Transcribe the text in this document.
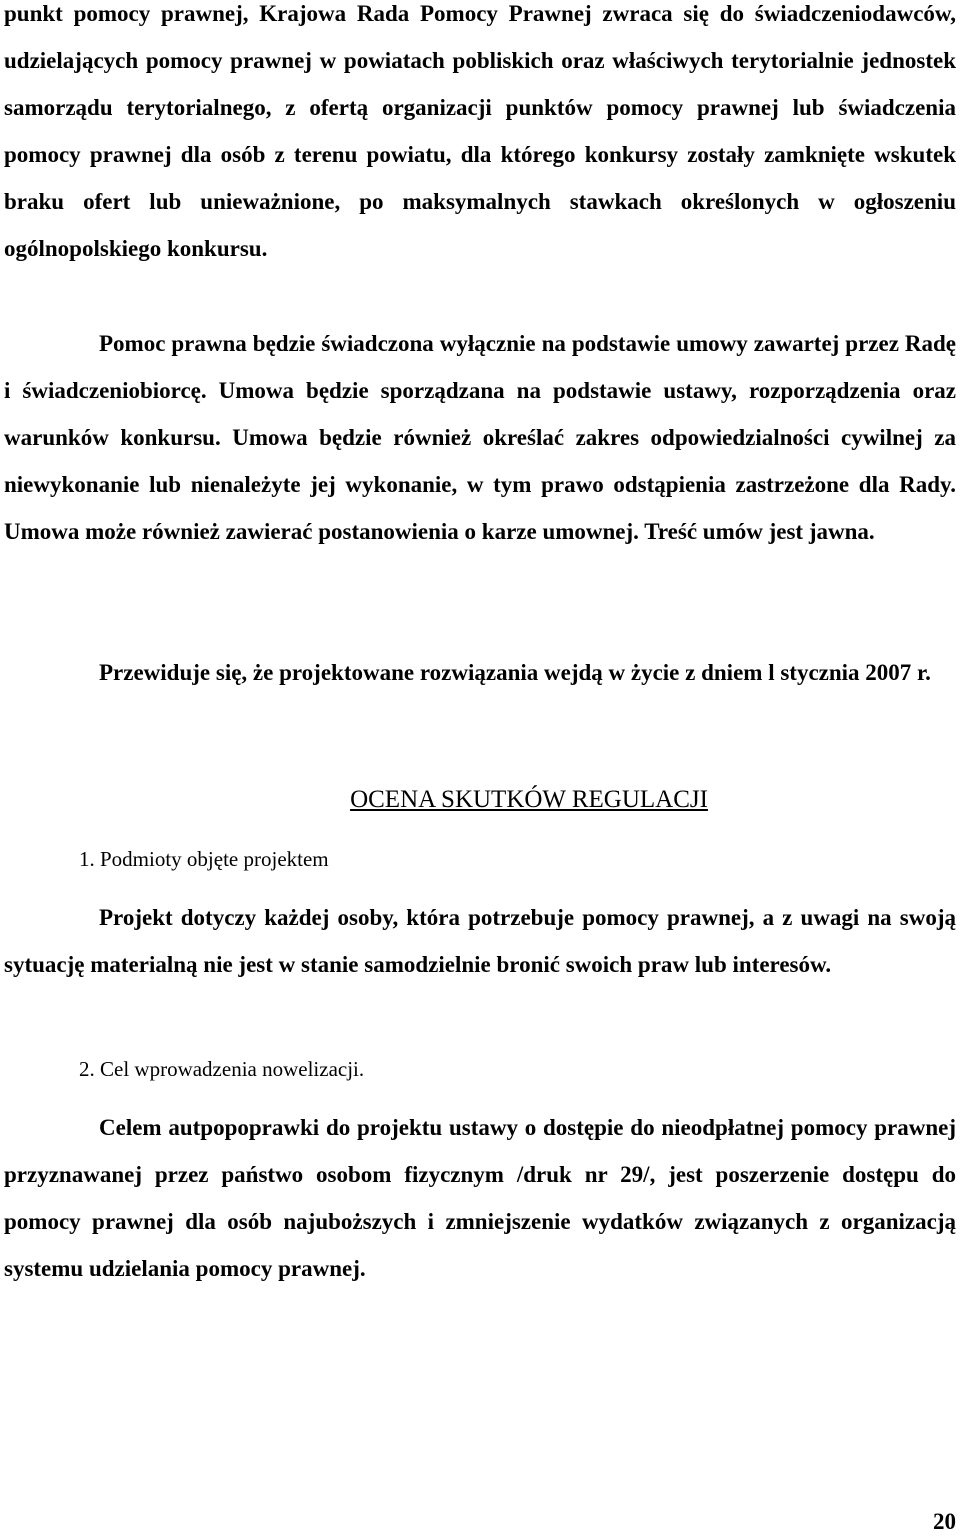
punkt pomocy prawnej, Krajowa Rada Pomocy Prawnej zwraca się do świadczeniodawców, udzielających pomocy prawnej w powiatach pobliskich oraz właściwych terytorialnie jednostek samorządu terytorialnego, z ofertą organizacji punktów pomocy prawnej lub świadczenia pomocy prawnej dla osób z terenu powiatu, dla którego konkursy zostały zamknięte wskutek braku ofert lub unieważnione, po maksymalnych stawkach określonych w ogłoszeniu ogólnopolskiego konkursu.

Pomoc prawna będzie świadczona wyłącznie na podstawie umowy zawartej przez Radę i świadczeniobiorcę. Umowa będzie sporządzana na podstawie ustawy, rozporządzenia oraz warunków konkursu. Umowa będzie również określać zakres odpowiedzialności cywilnej za niewykonanie lub nienależyte jej wykonanie, w tym prawo odstąpienia zastrzeżone dla Rady. Umowa może również zawierać postanowienia o karze umownej. Treść umów jest jawna.

Przewiduje się, że projektowane rozwiązania wejdą w życie z dniem l stycznia 2007 r.

OCENA SKUTKÓW REGULACJI
1. Podmioty objęte projektem

Projekt dotyczy każdej osoby, która potrzebuje pomocy prawnej, a z uwagi na swoją sytuację materialną nie jest w stanie samodzielnie bronić swoich praw lub interesów.

2. Cel wprowadzenia nowelizacji.

Celem autpopoprawki do projektu ustawy o dostępie do nieodpłatnej pomocy prawnej przyznawanej przez państwo osobom fizycznym /druk nr 29/, jest poszerzenie dostępu do pomocy prawnej dla osób najuboższych i zmniejszenie wydatków związanych z organizacją systemu udzielania pomocy prawnej.

20
